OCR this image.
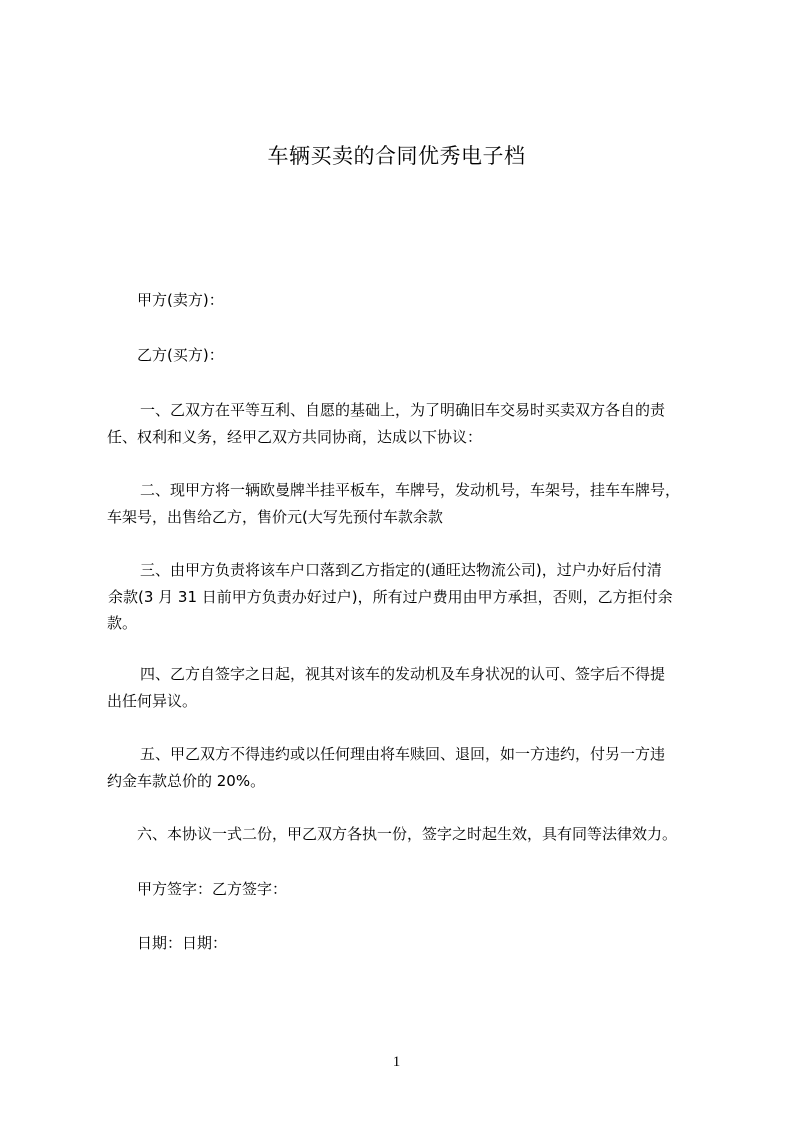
车辆买卖的合同优秀电子档
甲方(卖方)：
乙方(买方)：
一、乙双方在平等互利、自愿的基础上，为了明确旧车交易时买卖双方各自的责
任、权利和义务，经甲乙双方共同协商，达成以下协议：
二、现甲方将一辆欧曼牌半挂平板车，车牌号，发动机号，车架号，挂车车牌号，
车架号，出售给乙方，售价元(大写先预付车款余款
三、由甲方负责将该车户口落到乙方指定的(通旺达物流公司)，过户办好后付清
余款(3 月 31 日前甲方负责办好过户)，所有过户费用由甲方承担，否则，乙方拒付余
款。
四、乙方自签字之日起，视其对该车的发动机及车身状况的认可、签字后不得提
出任何异议。
五、甲乙双方不得违约或以任何理由将车赎回、退回，如一方违约，付另一方违
约金车款总价的 20%。
六、本协议一式二份，甲乙双方各执一份，签字之时起生效，具有同等法律效力。
甲方签字：乙方签字：
日期：日期：
1
